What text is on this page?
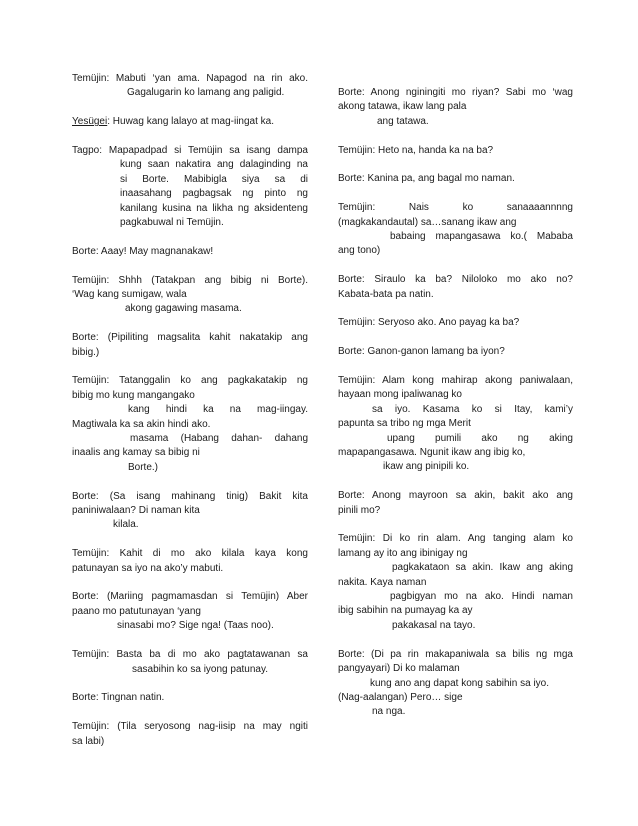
Temüjin: Mabuti ‘yan ama. Napagod na rin ako.
Gagalugarin ko lamang ang paligid.
Yesügei: Huwag kang lalayo at mag-iingat ka.
Tagpo: Mapapadpad si Temüjin sa isang dampa
kung saan nakatira ang dalaginding na
si Borte. Mabibigla siya sa di
inaasahang pagbagsak ng pinto ng
kanilang kusina na likha ng aksidenteng
pagkabuwal ni Temüjin.
Borte: Aaay! May magnanakaw!
Temüjin: Shhh (Tatakpan ang bibig ni Borte).
‘Wag kang sumigaw, wala
akong gagawing masama.
Borte: (Pipiliting magsalita kahit nakatakip ang
bibig.)
Temüjin: Tatanggalin ko ang pagkakatakip ng
bibig mo kung mangangako
kang hindi ka na mag-iingay.
Magtiwala ka sa akin hindi ako.
masama (Habang dahan- dahang
inaalis ang kamay sa bibig ni
Borte.)
Borte: (Sa isang mahinang tinig) Bakit kita
paniniwalaan? Di naman kita
kilala.
Temüjin: Kahit di mo ako kilala kaya kong
patunayan sa iyo na ako’y mabuti.
Borte: (Mariing pagmamasdan si Temüjin) Aber
paano mo patutunayan ‘yang
sinasabi mo? Sige nga! (Taas noo).
Temüjin: Basta ba di mo ako pagtatawanan sa
sasabihin ko sa iyong patunay.
Borte: Tingnan natin.
Temüjin: (Tila seryosong nag-iisip na may ngiti
sa labi)
Borte: Anong nginingiti mo riyan? Sabi mo ‘wag
akong tatawa, ikaw lang pala
ang tatawa.
Temüjin: Heto na, handa ka na ba?
Borte: Kanina pa, ang bagal mo naman.
Temüjin: Nais ko sanaaaannnng
(magkakandautal) sa…sanang ikaw ang
babaing mapangasawa ko.( Mababa
ang tono)
Borte: Siraulo ka ba? Niloloko mo ako no?
Kabata-bata pa natin.
Temüjin: Seryoso ako. Ano payag ka ba?
Borte: Ganon-ganon lamang ba iyon?
Temüjin: Alam kong mahirap akong paniwalaan,
hayaan mong ipaliwanag ko
sa iyo. Kasama ko si Itay, kami’y
papunta sa tribo ng mga Merit
upang pumili ako ng aking
mapapangasawa. Ngunit ikaw ang ibig ko,
ikaw ang pinipili ko.
Borte: Anong mayroon sa akin, bakit ako ang
pinili mo?
Temüjin: Di ko rin alam. Ang tanging alam ko
lamang ay ito ang ibinigay ng
pagkakataon sa akin. Ikaw ang aking
nakita. Kaya naman
pagbigyan mo na ako. Hindi naman
ibig sabihin na pumayag ka ay
pakakasal na tayo.
Borte: (Di pa rin makapaniwala sa bilis ng mga
pangyayari) Di ko malaman
kung ano ang dapat kong sabihin sa iyo.
(Nag-aalangan) Pero… sige
na nga.
